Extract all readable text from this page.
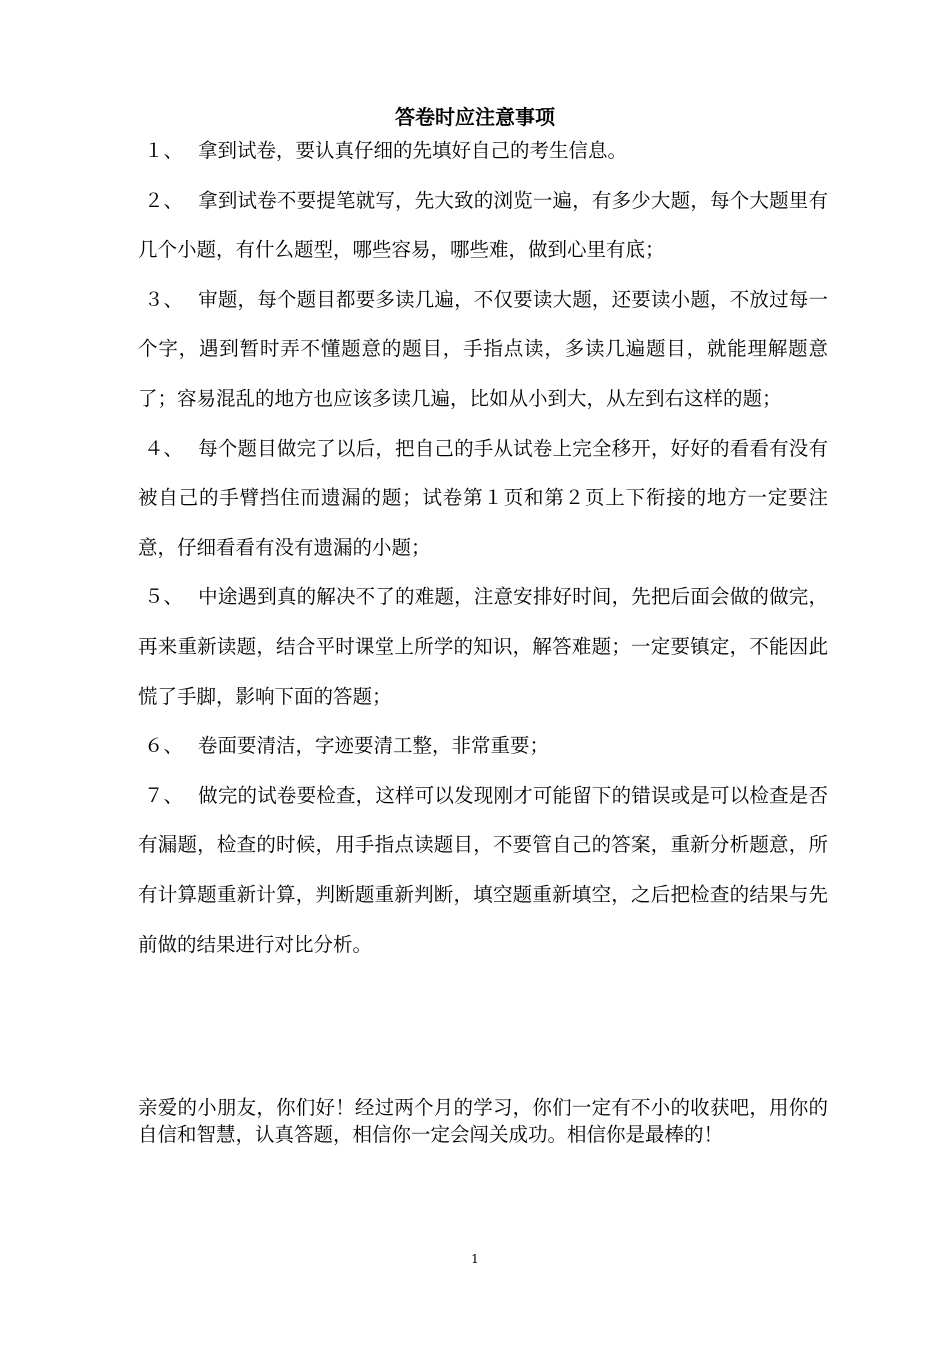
答卷时应注意事项

１、 拿到试卷，要认真仔细的先填好自己的考生信息。

２、 拿到试卷不要提笔就写，先大致的浏览一遍，有多少大题，每个大题里有几个小题，有什么题型，哪些容易，哪些难，做到心里有底；

３、 审题，每个题目都要多读几遍，不仅要读大题，还要读小题，不放过每一个字，遇到暂时弄不懂题意的题目，手指点读，多读几遍题目，就能理解题意了；容易混乱的地方也应该多读几遍，比如从小到大，从左到右这样的题；

４、 每个题目做完了以后，把自己的手从试卷上完全移开，好好的看看有没有被自己的手臂挡住而遗漏的题；试卷第１页和第２页上下衔接的地方一定要注意，仔细看看有没有遗漏的小题；

５、 中途遇到真的解决不了的难题，注意安排好时间，先把后面会做的做完，再来重新读题，结合平时课堂上所学的知识，解答难题；一定要镇定，不能因此慌了手脚，影响下面的答题；

６、 卷面要清洁，字迹要清工整，非常重要；

７、 做完的试卷要检查，这样可以发现刚才可能留下的错误或是可以检查是否有漏题，检查的时候，用手指点读题目，不要管自己的答案，重新分析题意，所有计算题重新计算，判断题重新判断，填空题重新填空，之后把检查的结果与先前做的结果进行对比分析。

亲爱的小朋友，你们好！经过两个月的学习，你们一定有不小的收获吧，用你的自信和智慧，认真答题，相信你一定会闯关成功。相信你是最棒的！
1
